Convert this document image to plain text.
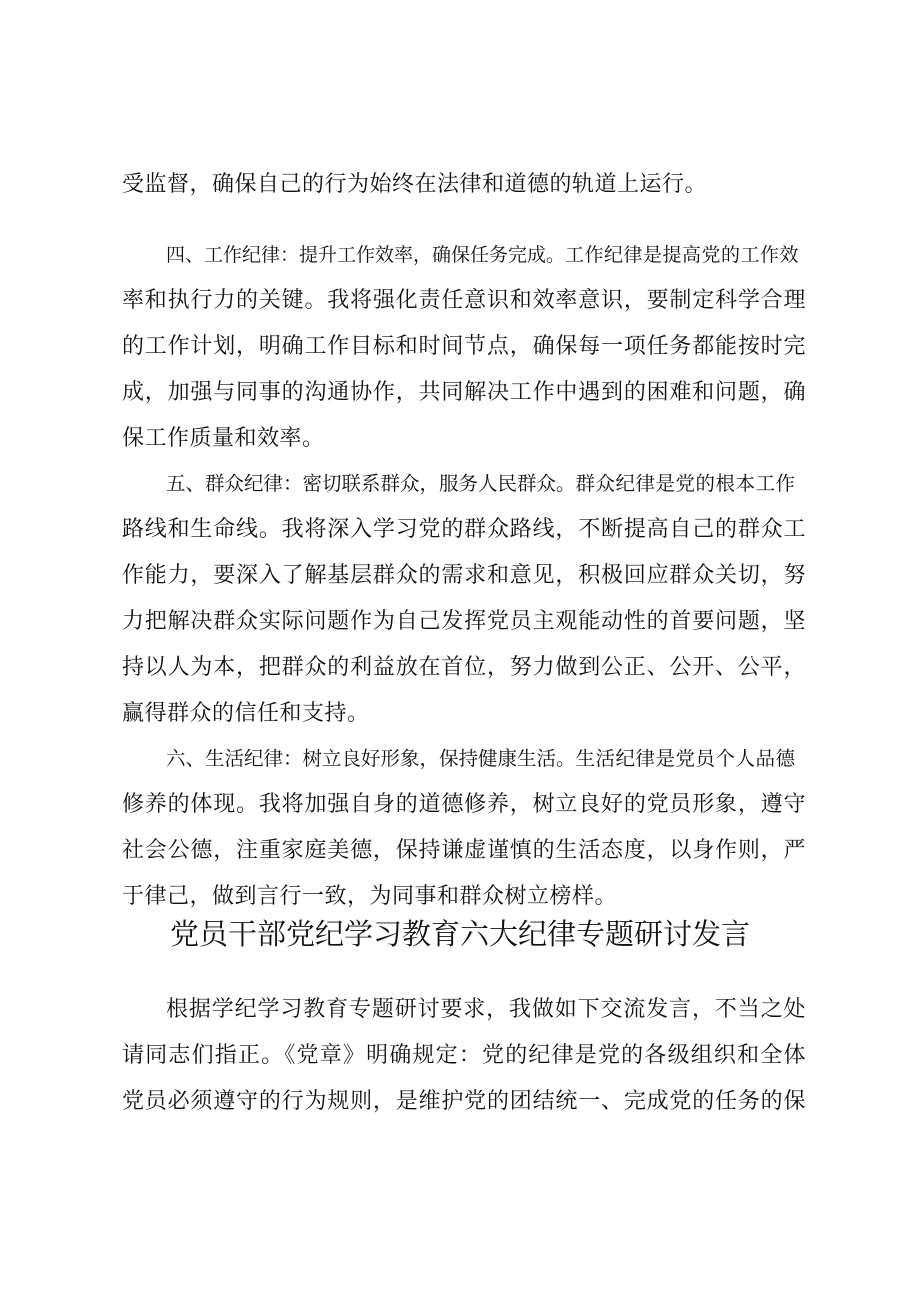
受监督，确保自己的行为始终在法律和道德的轨道上运行。
四、工作纪律：提升工作效率，确保任务完成。工作纪律是提高党的工作效
率和执行力的关键。我将强化责任意识和效率意识，要制定科学合理
的工作计划，明确工作目标和时间节点，确保每一项任务都能按时完
成，加强与同事的沟通协作，共同解决工作中遇到的困难和问题，确
保工作质量和效率。
五、群众纪律：密切联系群众，服务人民群众。群众纪律是党的根本工作
路线和生命线。我将深入学习党的群众路线，不断提高自己的群众工
作能力，要深入了解基层群众的需求和意见，积极回应群众关切，努
力把解决群众实际问题作为自己发挥党员主观能动性的首要问题，坚
持以人为本，把群众的利益放在首位，努力做到公正、公开、公平，
赢得群众的信任和支持。
六、生活纪律：树立良好形象，保持健康生活。生活纪律是党员个人品德
修养的体现。我将加强自身的道德修养，树立良好的党员形象，遵守
社会公德，注重家庭美德，保持谦虚谨慎的生活态度，以身作则，严
于律己，做到言行一致，为同事和群众树立榜样。
党员干部党纪学习教育六大纪律专题研讨发言
根据学纪学习教育专题研讨要求，我做如下交流发言，不当之处
请同志们指正。《党章》明确规定：党的纪律是党的各级组织和全体
党员必须遵守的行为规则，是维护党的团结统一、完成党的任务的保
